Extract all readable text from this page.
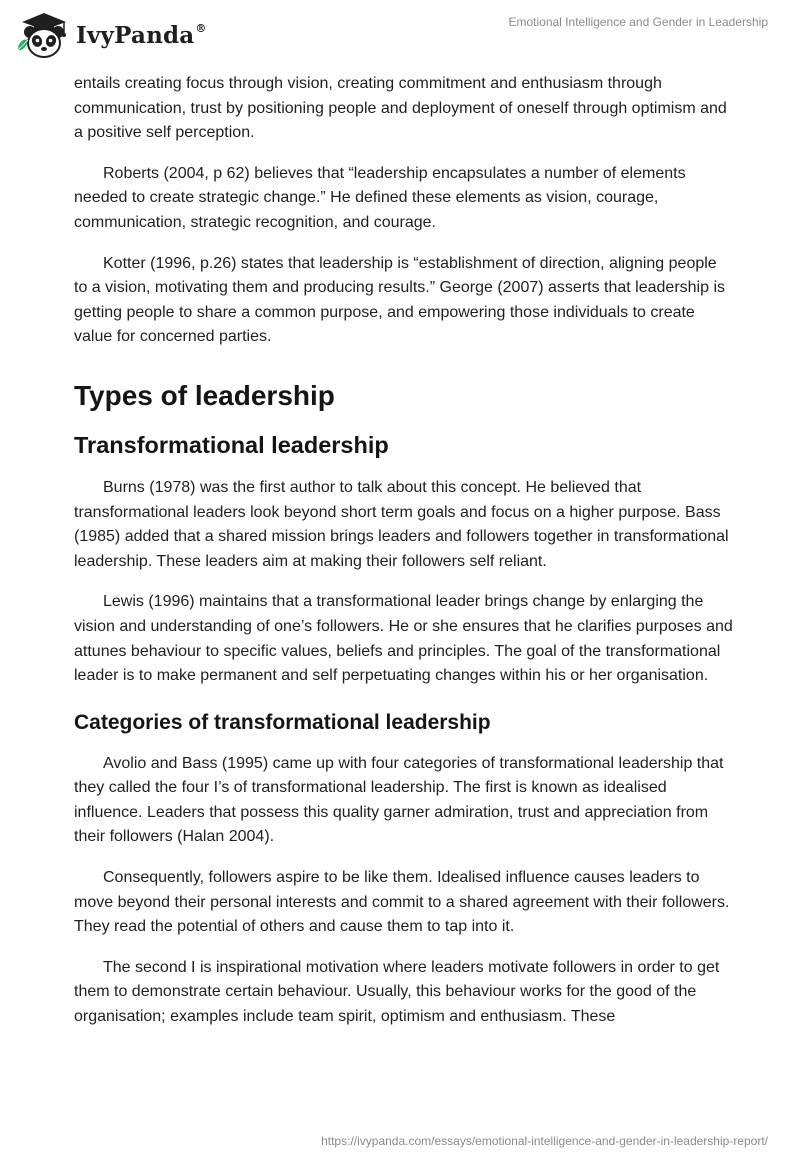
IvyPanda®	Emotional Intelligence and Gender in Leadership

entails creating focus through vision, creating commitment and enthusiasm through communication, trust by positioning people and deployment of oneself through optimism and a positive self perception.

Roberts (2004, p 62) believes that “leadership encapsulates a number of elements needed to create strategic change.” He defined these elements as vision, courage, communication, strategic recognition, and courage.

Kotter (1996, p.26) states that leadership is “establishment of direction, aligning people to a vision, motivating them and producing results.” George (2007) asserts that leadership is getting people to share a common purpose, and empowering those individuals to create value for concerned parties.

Types of leadership
Transformational leadership

Burns (1978) was the first author to talk about this concept. He believed that transformational leaders look beyond short term goals and focus on a higher purpose. Bass (1985) added that a shared mission brings leaders and followers together in transformational leadership. These leaders aim at making their followers self reliant.

Lewis (1996) maintains that a transformational leader brings change by enlarging the vision and understanding of one’s followers. He or she ensures that he clarifies purposes and attunes behaviour to specific values, beliefs and principles. The goal of the transformational leader is to make permanent and self perpetuating changes within his or her organisation.

Categories of transformational leadership

Avolio and Bass (1995) came up with four categories of transformational leadership that they called the four I’s of transformational leadership. The first is known as idealised influence. Leaders that possess this quality garner admiration, trust and appreciation from their followers (Halan 2004).

Consequently, followers aspire to be like them. Idealised influence causes leaders to move beyond their personal interests and commit to a shared agreement with their followers. They read the potential of others and cause them to tap into it.

The second I is inspirational motivation where leaders motivate followers in order to get them to demonstrate certain behaviour. Usually, this behaviour works for the good of the organisation; examples include team spirit, optimism and enthusiasm. These

https://ivypanda.com/essays/emotional-intelligence-and-gender-in-leadership-report/
